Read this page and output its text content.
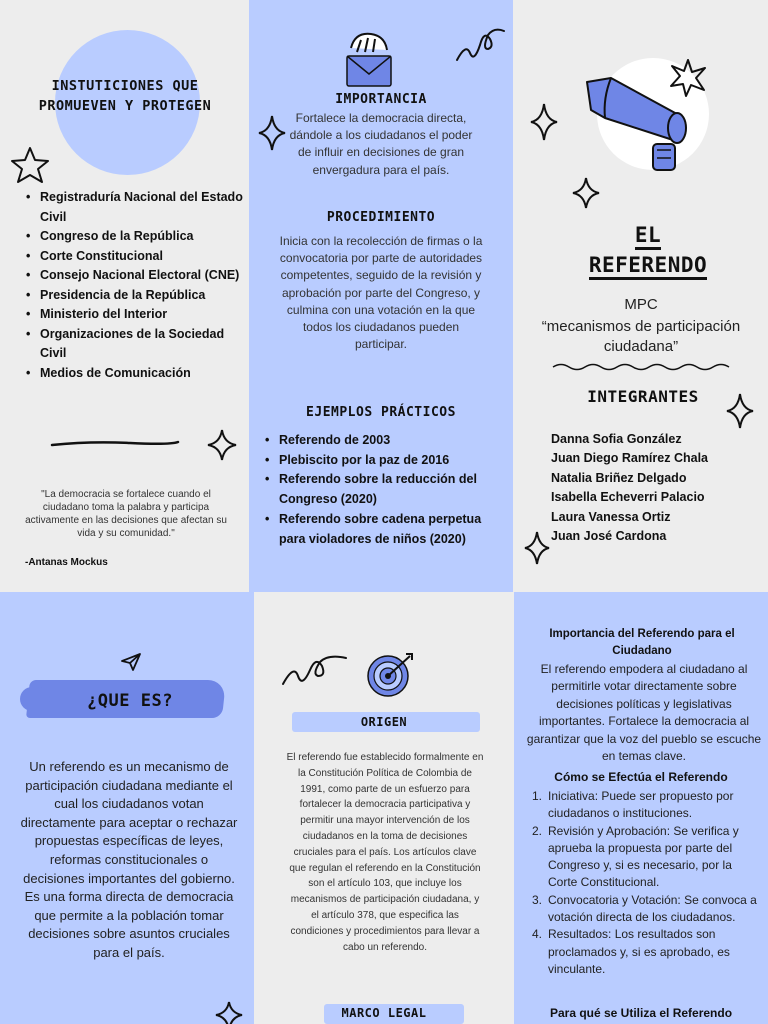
INSTUTICIONES QUE PROMUEVEN Y PROTEGEN
• Registraduría Nacional del Estado Civil
• Congreso de la República
• Corte Constitucional
• Consejo Nacional Electoral (CNE)
• Presidencia de la República
• Ministerio del Interior
• Organizaciones de la Sociedad Civil
• Medios de Comunicación

"La democracia se fortalece cuando el ciudadano toma la palabra y participa activamente en las decisiones que afectan su vida y su comunidad."

-Antanas Mockus

IMPORTANCIA

Fortalece la democracia directa, dándole a los ciudadanos el poder de influir en decisiones de gran envergadura para el país.

PROCEDIMIENTO

Inicia con la recolección de firmas o la convocatoria por parte de autoridades competentes, seguido de la revisión y aprobación por parte del Congreso, y culmina con una votación en la que todos los ciudadanos pueden participar.

EJEMPLOS PRÁCTICOS
• Referendo de 2003
• Plebiscito por la paz de 2016
• Referendo sobre la reducción del Congreso (2020)
• Referendo sobre cadena perpetua para violadores de niños (2020)
EL
REFERENDO

MPC

“mecanismos de participación ciudadana”

INTEGRANTES
Danna Sofia González
Juan Diego Ramírez Chala
Natalia Briñez Delgado
Isabella Echeverri Palacio
Laura Vanessa Ortiz
Juan José Cardona
¿QUE ES?

Un referendo es un mecanismo de participación ciudadana mediante el cual los ciudadanos votan directamente para aceptar o rechazar propuestas específicas de leyes, reformas constitucionales o decisiones importantes del gobierno. Es una forma directa de democracia que permite a la población tomar decisiones sobre asuntos cruciales para el país.

ORIGEN

El referendo fue establecido formalmente en la Constitución Política de Colombia de 1991, como parte de un esfuerzo para fortalecer la democracia participativa y permitir una mayor intervención de los ciudadanos en la toma de decisiones cruciales para el país. Los artículos clave que regulan el referendo en la Constitución son el artículo 103, que incluye los mecanismos de participación ciudadana, y el artículo 378, que especifica las condiciones y procedimientos para llevar a cabo un referendo.

MARCO LEGAL
Importancia del Referendo para el Ciudadano

El referendo empodera al ciudadano al permitirle votar directamente sobre decisiones políticas y legislativas importantes. Fortalece la democracia al garantizar que la voz del pueblo se escuche en temas clave.

Cómo se Efectúa el Referendo
1. Iniciativa: Puede ser propuesto por ciudadanos o instituciones.
2. Revisión y Aprobación: Se verifica y aprueba la propuesta por parte del Congreso y, si es necesario, por la Corte Constitucional.
3. Convocatoria y Votación: Se convoca a votación directa de los ciudadanos.
4. Resultados: Los resultados son proclamados y, si es aprobado, es vinculante.
Para qué se Utiliza el Referendo
